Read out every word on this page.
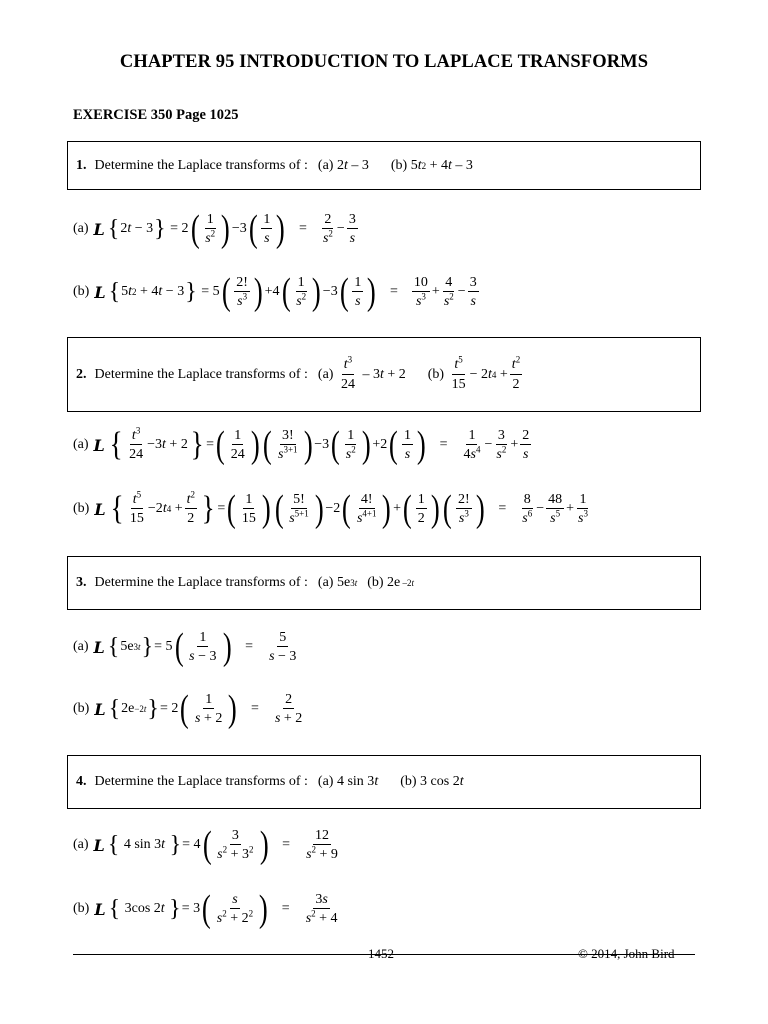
CHAPTER 95 INTRODUCTION TO LAPLACE TRANSFORMS
EXERCISE 350 Page 1025
1. Determine the Laplace transforms of : (a) 2 t – 3 (b) 5 t 2 + 4 t – 3
(a) L { 2 t − 3 } = 2 ( $\frac{1}{s^2}$
) −3 ( $\frac{1}{s}$
) = $\frac{2}{s^2} - \frac{3}{s}$
(b) L { 5 t 2 + 4 t − 3 } = 5 ( $\frac{2!}{s^3}$
) +4 ( $\frac{1}{s^2}$
) −3 ( $\frac{1}{s}$
) = $\frac{10}{s^3} + \frac{4}{s^2} - \frac{3}{s}$
2. Determine the Laplace transforms of : (a)
$\frac{t^3}{24} - 3$ t + 2 (b)
$\frac{t^5}{15} - 2$ t $4 + \frac{t^2}{2}$
(a) L { $\frac{t^3}{24} -3$ t + 2 } = ( $\frac{1}{24}$
) ( $\frac{3!}{s^{3+1}}$
) −3 ( $\frac{1}{s^2}$
) +2 ( $\frac{1}{s}$
) = $\frac{1}{4s^4} - \frac{3}{s^2} + \frac{2}{s}$
(b) L { $\frac{t^5}{15} -2$ t $4 + \frac{t^2}{2}$ } = ( $\frac{1}{15}$
) ( $\frac{5!}{s^{5+1}}$
) −2 ( $\frac{4!}{s^{4+1}}$
) + ( $\frac{1}{2}$
) ( $\frac{2!}{s^3}$
) = $\frac{8}{s^6} - \frac{48}{s^5} + \frac{1}{s^3}$
3. Determine the Laplace transforms of : (a) 5e 3t (b) 2e –2t
(a) L { 5e 3t } = 5 ( $\frac{1}{s - 3}$
) = $\frac{5}{s - 3}$
(b) L { 2e −2t } = 2 ( $\frac{1}{s + 2}$
) = $\frac{2}{s + 2}$
4. Determine the Laplace transforms of : (a) 4 sin 3 t (b) 3 cos 2 t
(a) L { 4 sin 3 t
} = 4 ( $\frac{3}{s^2 + 3^2}$
) = $\frac{12}{s^2 + 9}$
(b) L { 3cos 2 t
} = 3 ( $\frac{s}{s^2 + 2^2}$
) = $\frac{3s}{s^2 + 4}$
1452	© 2014, John Bird
